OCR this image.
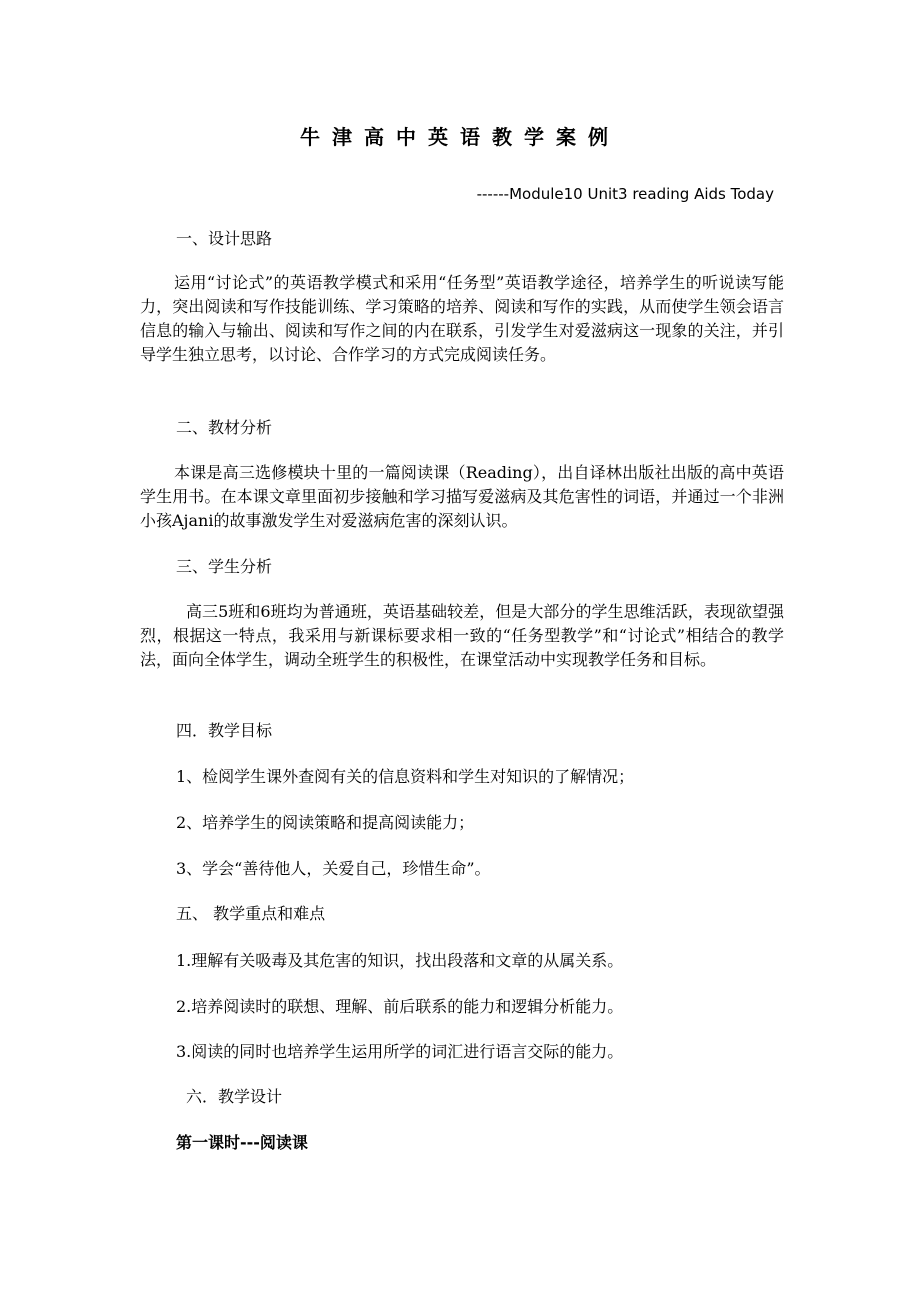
牛津高中英语教学案例
------Module10 Unit3 reading Aids Today
一、设计思路
运用“讨论式”的英语教学模式和采用“任务型”英语教学途径，培养学生的听说读写能力，突出阅读和写作技能训练、学习策略的培养、阅读和写作的实践，从而使学生领会语言信息的输入与输出、阅读和写作之间的内在联系，引发学生对爱滋病这一现象的关注，并引导学生独立思考，以讨论、合作学习的方式完成阅读任务。
二、教材分析
本课是高三选修模块十里的一篇阅读课（Reading），出自译林出版社出版的高中英语学生用书。在本课文章里面初步接触和学习描写爱滋病及其危害性的词语，并通过一个非洲小孩Ajani的故事激发学生对爱滋病危害的深刻认识。
三、学生分析
高三5班和6班均为普通班，英语基础较差，但是大部分的学生思维活跃，表现欲望强烈，根据这一特点，我采用与新课标要求相一致的“任务型教学”和“讨论式”相结合的教学法，面向全体学生，调动全班学生的积极性，在课堂活动中实现教学任务和目标。
四．教学目标
1、检阅学生课外查阅有关的信息资料和学生对知识的了解情况；
2、培养学生的阅读策略和提高阅读能力；
3、学会“善待他人，关爱自己，珍惜生命”。
五、 教学重点和难点
1.理解有关吸毒及其危害的知识，找出段落和文章的从属关系。
2.培养阅读时的联想、理解、前后联系的能力和逻辑分析能力。
3.阅读的同时也培养学生运用所学的词汇进行语言交际的能力。
六．教学设计
第一课时---阅读课
